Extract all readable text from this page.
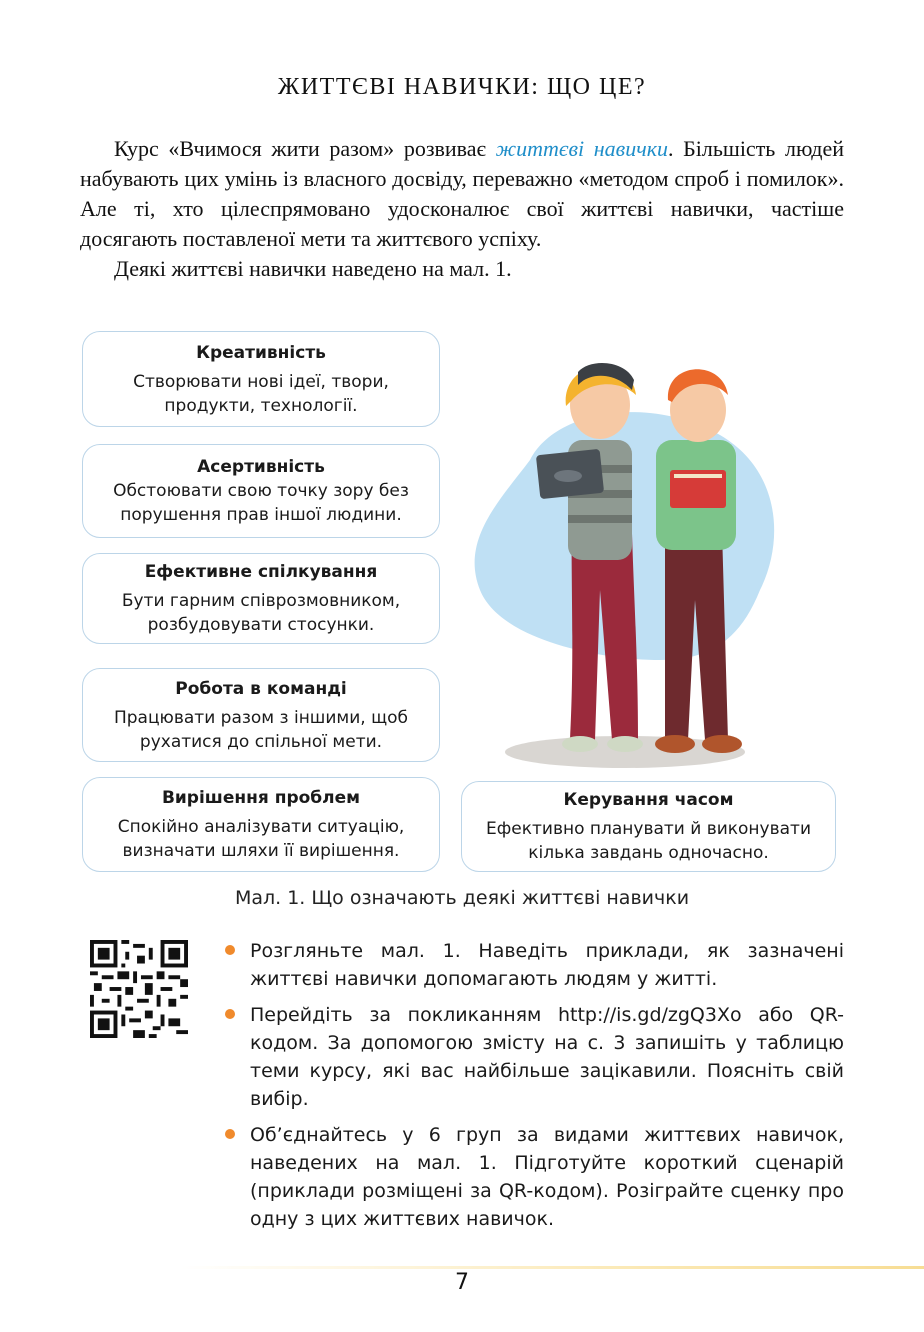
ЖИТТЄВІ НАВИЧКИ: ЩО ЦЕ?

Курс «Вчимося жити разом» розвиває життєві навички. Більшість людей набувають цих умінь із власного досвіду, переважно «методом спроб і помилок». Але ті, хто цілеспрямовано удосконалює свої життєві навички, частіше досягають поставленої мети та життєвого успіху.

Деякі життєві навички наведено на мал. 1.

Креативність
Створювати нові ідеї, твори, продукти, технології.
Асертивність
Обстоювати свою точку зору без порушення прав іншої людини.
Ефективне спілкування
Бути гарним співрозмовником, розбудовувати стосунки.
Робота в команді
Працювати разом з іншими, щоб рухатися до спільної мети.
Вирішення проблем
Спокійно аналізувати ситуацію, визначати шляхи її вирішення.
Керування часом
Ефективно планувати й виконувати кілька завдань одночасно.
Мал. 1. Що означають деякі життєві навички
Розгляньте мал. 1. Наведіть приклади, як зазначені життєві навички допомагають людям у житті.
Перейдіть за покликанням http://is.gd/zgQ3Xo або QR-кодом. За допомогою змісту на с. 3 запишіть у таблицю теми курсу, які вас найбільше зацікавили. Поясніть свій вибір.
Об’єднайтесь у 6 груп за видами життєвих навичок, наведених на мал. 1. Підготуйте короткий сценарій (приклади розміщені за QR-кодом). Розіграйте сценку про одну з цих життєвих навичок.
7
